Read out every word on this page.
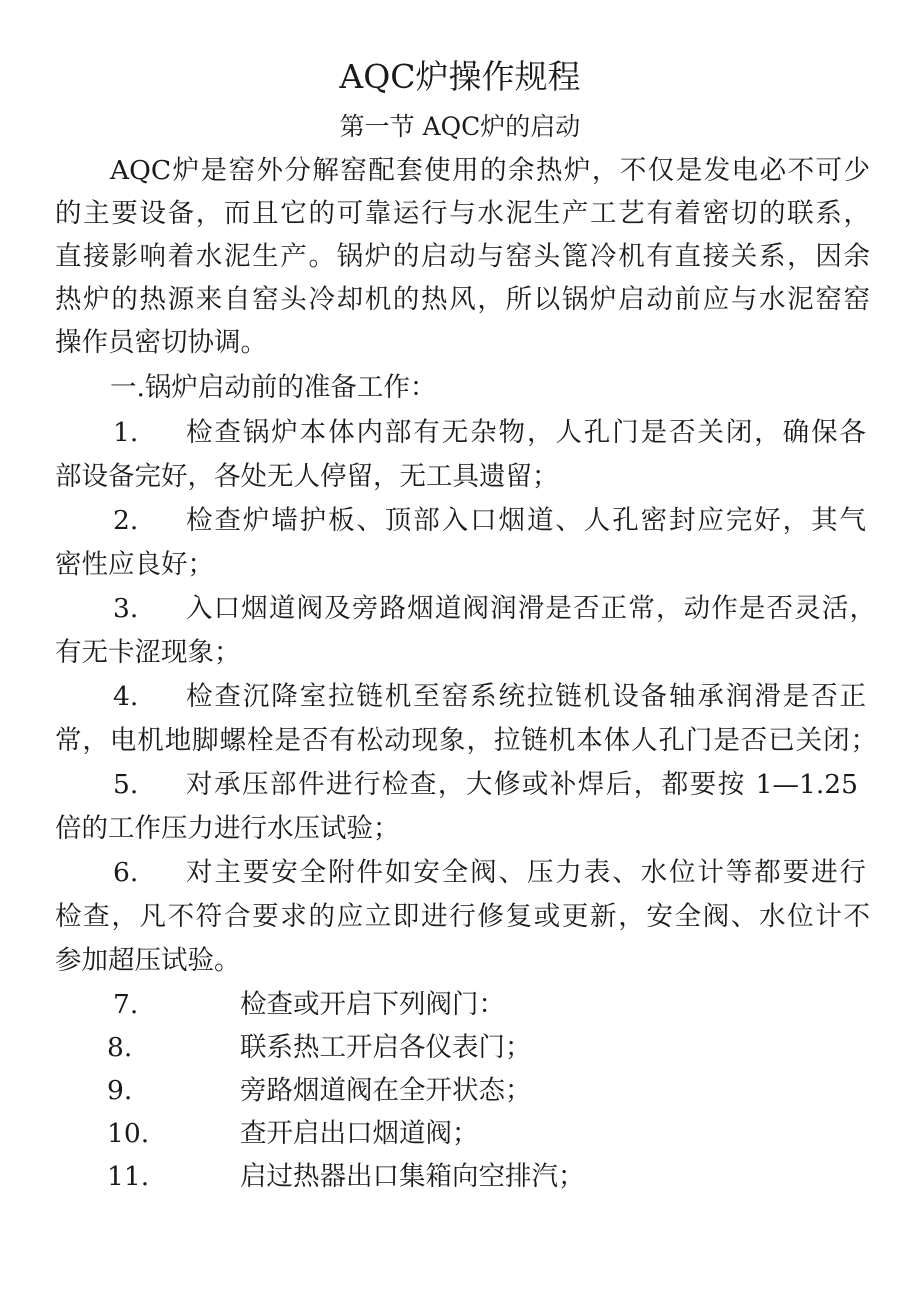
AQC炉操作规程
第一节 AQC炉的启动
AQC炉是窑外分解窑配套使用的余热炉，不仅是发电必不可少
的主要设备，而且它的可靠运行与水泥生产工艺有着密切的联系，
直接影响着水泥生产。锅炉的启动与窑头篦冷机有直接关系，因余
热炉的热源来自窑头冷却机的热风，所以锅炉启动前应与水泥窑窑
操作员密切协调。
一.锅炉启动前的准备工作：
1. 检查锅炉本体内部有无杂物，人孔门是否关闭，确保各
部设备完好，各处无人停留，无工具遗留；
2. 检查炉墙护板、顶部入口烟道、人孔密封应完好，其气
密性应良好；
3. 入口烟道阀及旁路烟道阀润滑是否正常，动作是否灵活，
有无卡涩现象；
4. 检查沉降室拉链机至窑系统拉链机设备轴承润滑是否正
常，电机地脚螺栓是否有松动现象，拉链机本体人孔门是否已关闭；
5. 对承压部件进行检查，大修或补焊后，都要按 1—1.25
倍的工作压力进行水压试验；
6. 对主要安全附件如安全阀、压力表、水位计等都要进行
检查，凡不符合要求的应立即进行修复或更新，安全阀、水位计不
参加超压试验。
7.	检查或开启下列阀门：
8.	联系热工开启各仪表门；
9.	旁路烟道阀在全开状态；
10.	查开启出口烟道阀；
11.	启过热器出口集箱向空排汽；
